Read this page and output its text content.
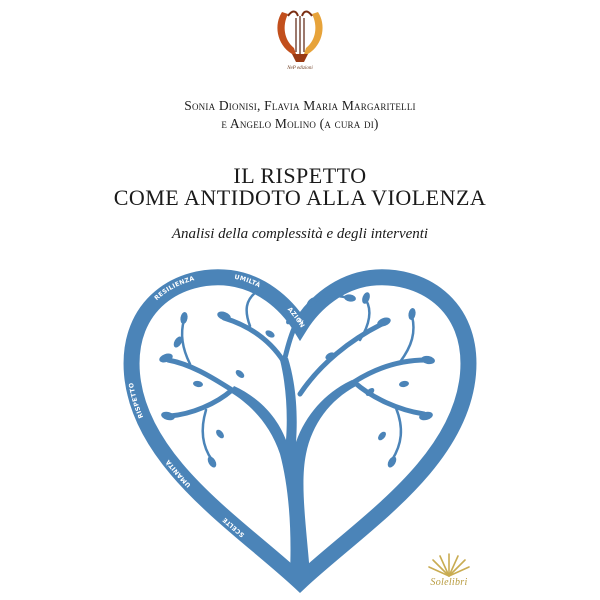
NeP edizioni
Sonia Dionisi, Flavia Maria Margaritelli
e Angelo Molino (a cura di)
IL RISPETTO
COME ANTIDOTO ALLA VIOLENZA
Analisi della complessità e degli interventi
SCELTE
UMANITÀ
RISPETTO
RESILIENZA	UMILTÀ
AZIONE
Solelibri
